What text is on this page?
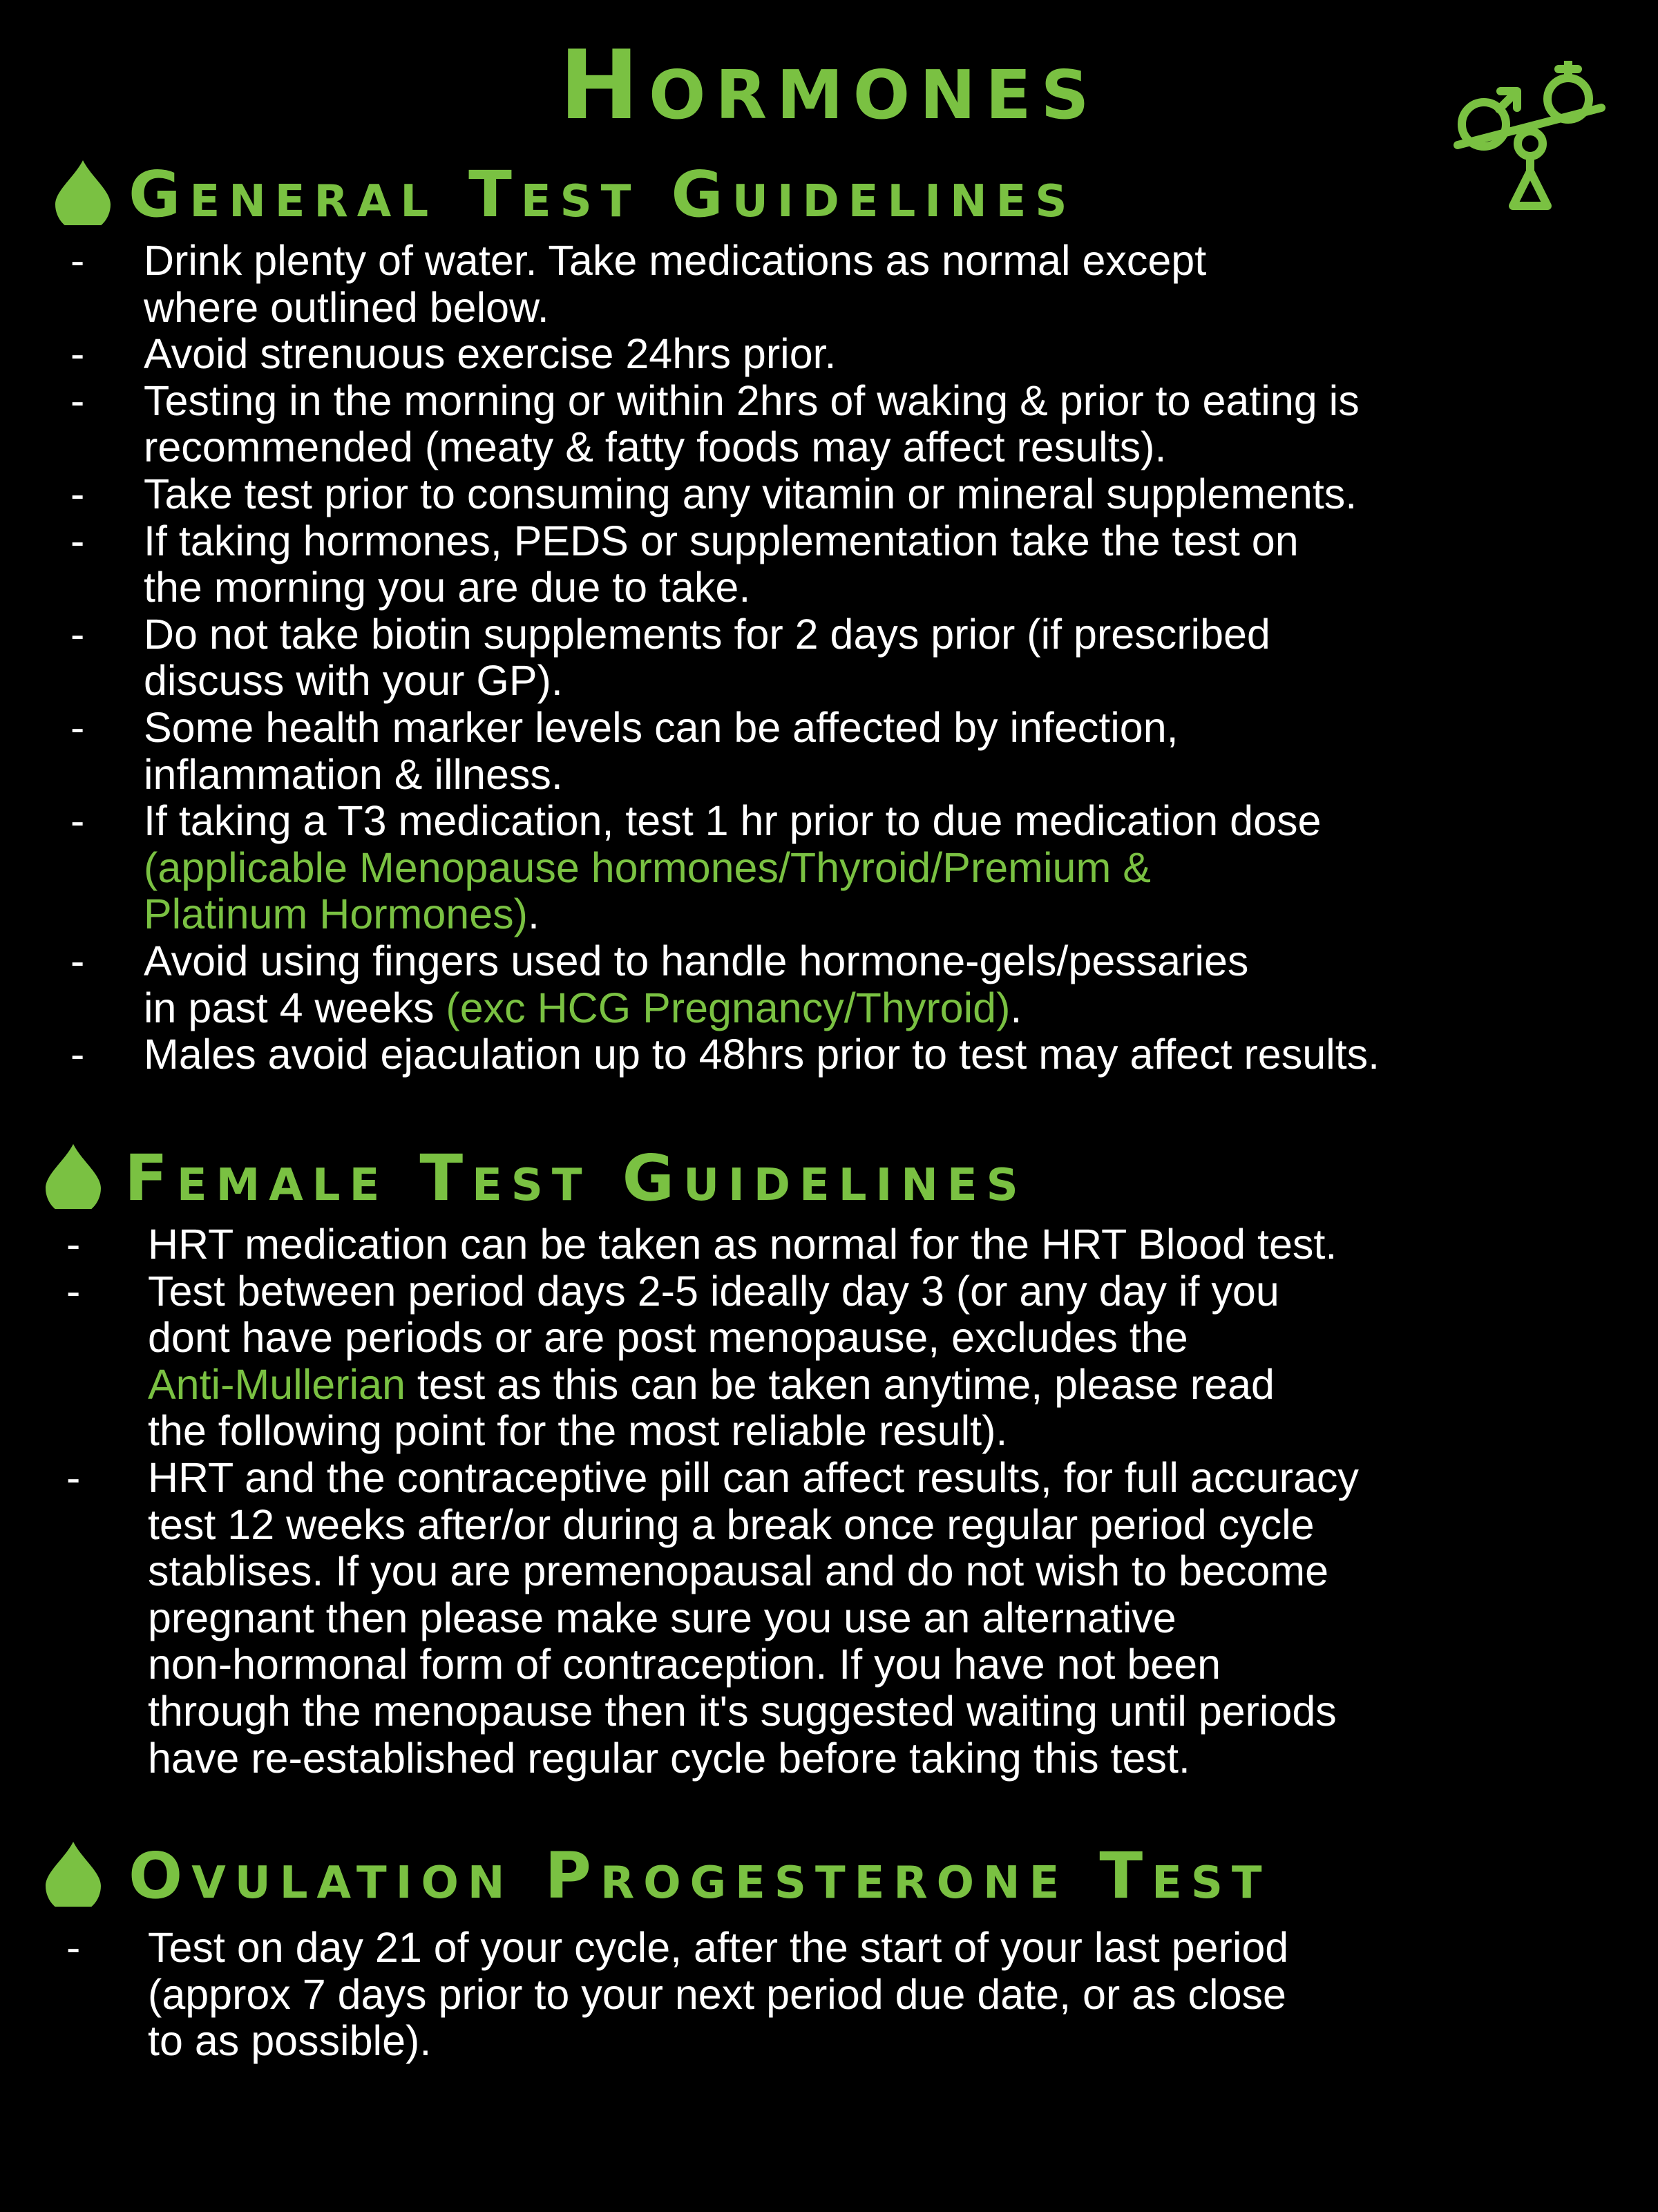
Hormones
General Test Guidelines
- Drink plenty of water. Take medications as normal except
where outlined below.
- Avoid strenuous exercise 24hrs prior.
- Testing in the morning or within 2hrs of waking & prior to eating is
recommended (meaty & fatty foods may affect results).
- Take test prior to consuming any vitamin or mineral supplements.
- If taking hormones, PEDS or supplementation take the test on
the morning you are due to take.
- Do not take biotin supplements for 2 days prior (if prescribed
discuss with your GP).
- Some health marker levels can be affected by infection,
inflammation & illness.
- If taking a T3 medication, test 1 hr prior to due medication dose
(applicable Menopause hormones/Thyroid/Premium &
Platinum Hormones).
- Avoid using fingers used to handle hormone-gels/pessaries
in past 4 weeks (exc HCG Pregnancy/Thyroid).
- Males avoid ejaculation up to 48hrs prior to test may affect results.
Female Test Guidelines
- HRT medication can be taken as normal for the HRT Blood test.
- Test between period days 2-5 ideally day 3 (or any day if you
dont have periods or are post menopause, excludes the
Anti-Mullerian test as this can be taken anytime, please read
the following point for the most reliable result).
- HRT and the contraceptive pill can affect results, for full accuracy
test 12 weeks after/or during a break once regular period cycle
stablises. If you are premenopausal and do not wish to become
pregnant then please make sure you use an alternative
non-hormonal form of contraception. If you have not been
through the menopause then it's suggested waiting until periods
have re-established regular cycle before taking this test.
Ovulation Progesterone Test
- Test on day 21 of your cycle, after the start of your last period
(approx 7 days prior to your next period due date, or as close
to as possible).
